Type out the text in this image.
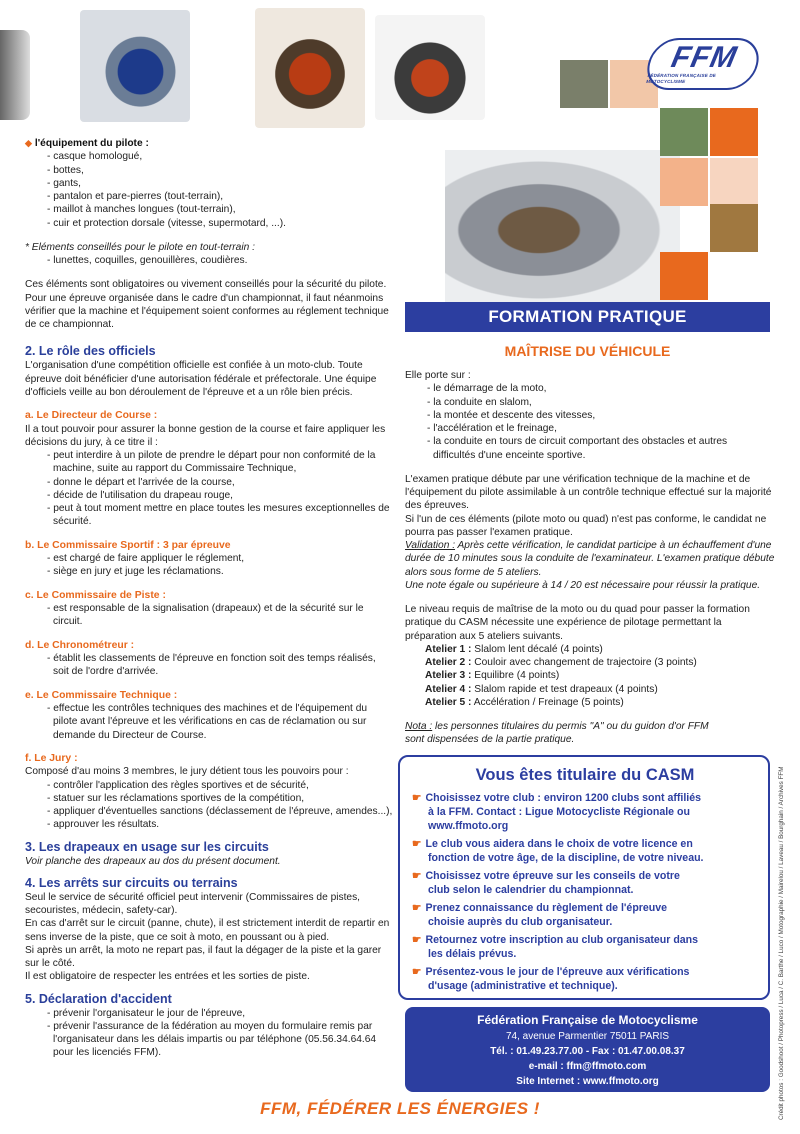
FFM
FÉDÉRATION FRANÇAISE DE MOTOCYCLISME
◆ l'équipement du pilote :
- casque homologué,
- bottes,
- gants,
- pantalon et pare-pierres (tout-terrain),
- maillot à manches longues (tout-terrain),
- cuir et protection dorsale (vitesse, supermotard, ...).
* Eléments conseillés pour le pilote en tout-terrain :
- lunettes, coquilles, genouillères, coudières.
Ces éléments sont obligatoires ou vivement conseillés pour la sécurité du pilote.
Pour une épreuve organisée dans le cadre d'un championnat, il faut néanmoins
vérifier que la machine et l'équipement soient conformes au réglement technique
de ce championnat.
2. Le rôle des officiels
L'organisation d'une compétition officielle est confiée à un moto-club. Toute
épreuve doit bénéficier d'une autorisation fédérale et préfectorale. Une équipe
d'officiels veille au bon déroulement de l'épreuve et a un rôle bien précis.
a. Le Directeur de Course :
Il a tout pouvoir pour assurer la bonne gestion de la course et faire appliquer les
décisions du jury, à ce titre il :
- peut interdire à un pilote de prendre le départ pour non conformité de la
machine, suite au rapport du Commissaire Technique,
- donne le départ et l'arrivée de la course,
- décide de l'utilisation du drapeau rouge,
- peut à tout moment mettre en place toutes les mesures exceptionnelles de
sécurité.
b. Le Commissaire Sportif : 3 par épreuve
- est chargé de faire appliquer le réglement,
- siège en jury et juge les réclamations.
c. Le Commissaire de Piste :
- est responsable de la signalisation (drapeaux) et de la sécurité sur le
circuit.
d. Le Chronométreur :
- établit les classements de l'épreuve en fonction soit des temps réalisés,
soit de l'ordre d'arrivée.
e. Le Commissaire Technique :
- effectue les contrôles techniques des machines et de l'équipement du
pilote avant l'épreuve et les vérifications en cas de réclamation ou sur
demande du Directeur de Course.
f. Le Jury :
Composé d'au moins 3 membres, le jury détient tous les pouvoirs pour :
- contrôler l'application des règles sportives et de sécurité,
- statuer sur les réclamations sportives de la compétition,
- appliquer d'éventuelles sanctions (déclassement de l'épreuve, amendes...),
- approuver les résultats.
3. Les drapeaux en usage sur les circuits
Voir planche des drapeaux au dos du présent document.
4. Les arrêts sur circuits ou terrains
Seul le service de sécurité officiel peut intervenir (Commissaires de pistes,
secouristes, médecin, safety-car).
En cas d'arrêt sur le circuit (panne, chute), il est strictement interdit de repartir en
sens inverse de la piste, que ce soit à moto, en poussant ou à pied.
Si après un arrêt, la moto ne repart pas, il faut la dégager de la piste et la garer
sur le côté.
Il est obligatoire de respecter les entrées et les sorties de piste.
5. Déclaration d'accident
- prévenir l'organisateur le jour de l'épreuve,
- prévenir l'assurance de la fédération au moyen du formulaire remis par
l'organisateur dans les délais impartis ou par téléphone (05.56.34.64.64
pour les licenciés FFM).
FORMATION PRATIQUE
MAÎTRISE DU VÉHICULE
Elle porte sur :
- le démarrage de la moto,
- la conduite en slalom,
- la montée et descente des vitesses,
- l'accélération et le freinage,
- la conduite en tours de circuit comportant des obstacles et autres
difficultés d'une enceinte sportive.
L'examen pratique débute par une vérification technique de la machine et de
l'équipement du pilote assimilable à un contrôle technique effectué sur la majorité
des épreuves.
Si l'un de ces éléments (pilote moto ou quad) n'est pas conforme, le candidat ne
pourra pas passer l'examen pratique.
Validation : Après cette vérification, le candidat participe à un échauffement d'une
durée de 10 minutes sous la conduite de l'examinateur. L'examen pratique débute
alors sous forme de 5 ateliers.
Une note égale ou supérieure à 14 / 20 est nécessaire pour réussir la pratique.
Le niveau requis de maîtrise de la moto ou du quad pour passer la formation
pratique du CASM nécessite une expérience de pilotage permettant la
préparation aux 5 ateliers suivants.
Atelier 1 : Slalom lent décalé (4 points)
Atelier 2 : Couloir avec changement de trajectoire (3 points)
Atelier 3 : Equilibre (4 points)
Atelier 4 : Slalom rapide et test drapeaux (4 points)
Atelier 5 : Accélération / Freinage (5 points)
Nota : les personnes titulaires du permis "A" ou du guidon d'or FFM
sont dispensées de la partie pratique.
Vous êtes titulaire du CASM
☛ Choisissez votre club : environ 1200 clubs sont affiliés
à la FFM. Contact : Ligue Motocycliste Régionale ou
www.ffmoto.org
☛ Le club vous aidera dans le choix de votre licence en
fonction de votre âge, de la discipline, de votre niveau.
☛ Choisissez votre épreuve sur les conseils de votre
club selon le calendrier du championnat.
☛ Prenez connaissance du règlement de l'épreuve
choisie auprès du club organisateur.
☛ Retournez votre inscription au club organisateur dans
les délais prévus.
☛ Présentez-vous le jour de l'épreuve aux vérifications
d'usage (administrative et technique).
Fédération Française de Motocyclisme
74, avenue Parmentier 75011 PARIS
Tél. : 01.49.23.77.00 - Fax : 01.47.00.08.37
e-mail : ffm@ffmoto.com
Site Internet : www.ffmoto.org
FFM, FÉDÉRER LES ÉNERGIES !	Crédit photos : Goodshoot / Photopress / Luca / C. Barthe / Luco / Motographie / Mairelou / Laveau / Bourghain / Archives FFM
